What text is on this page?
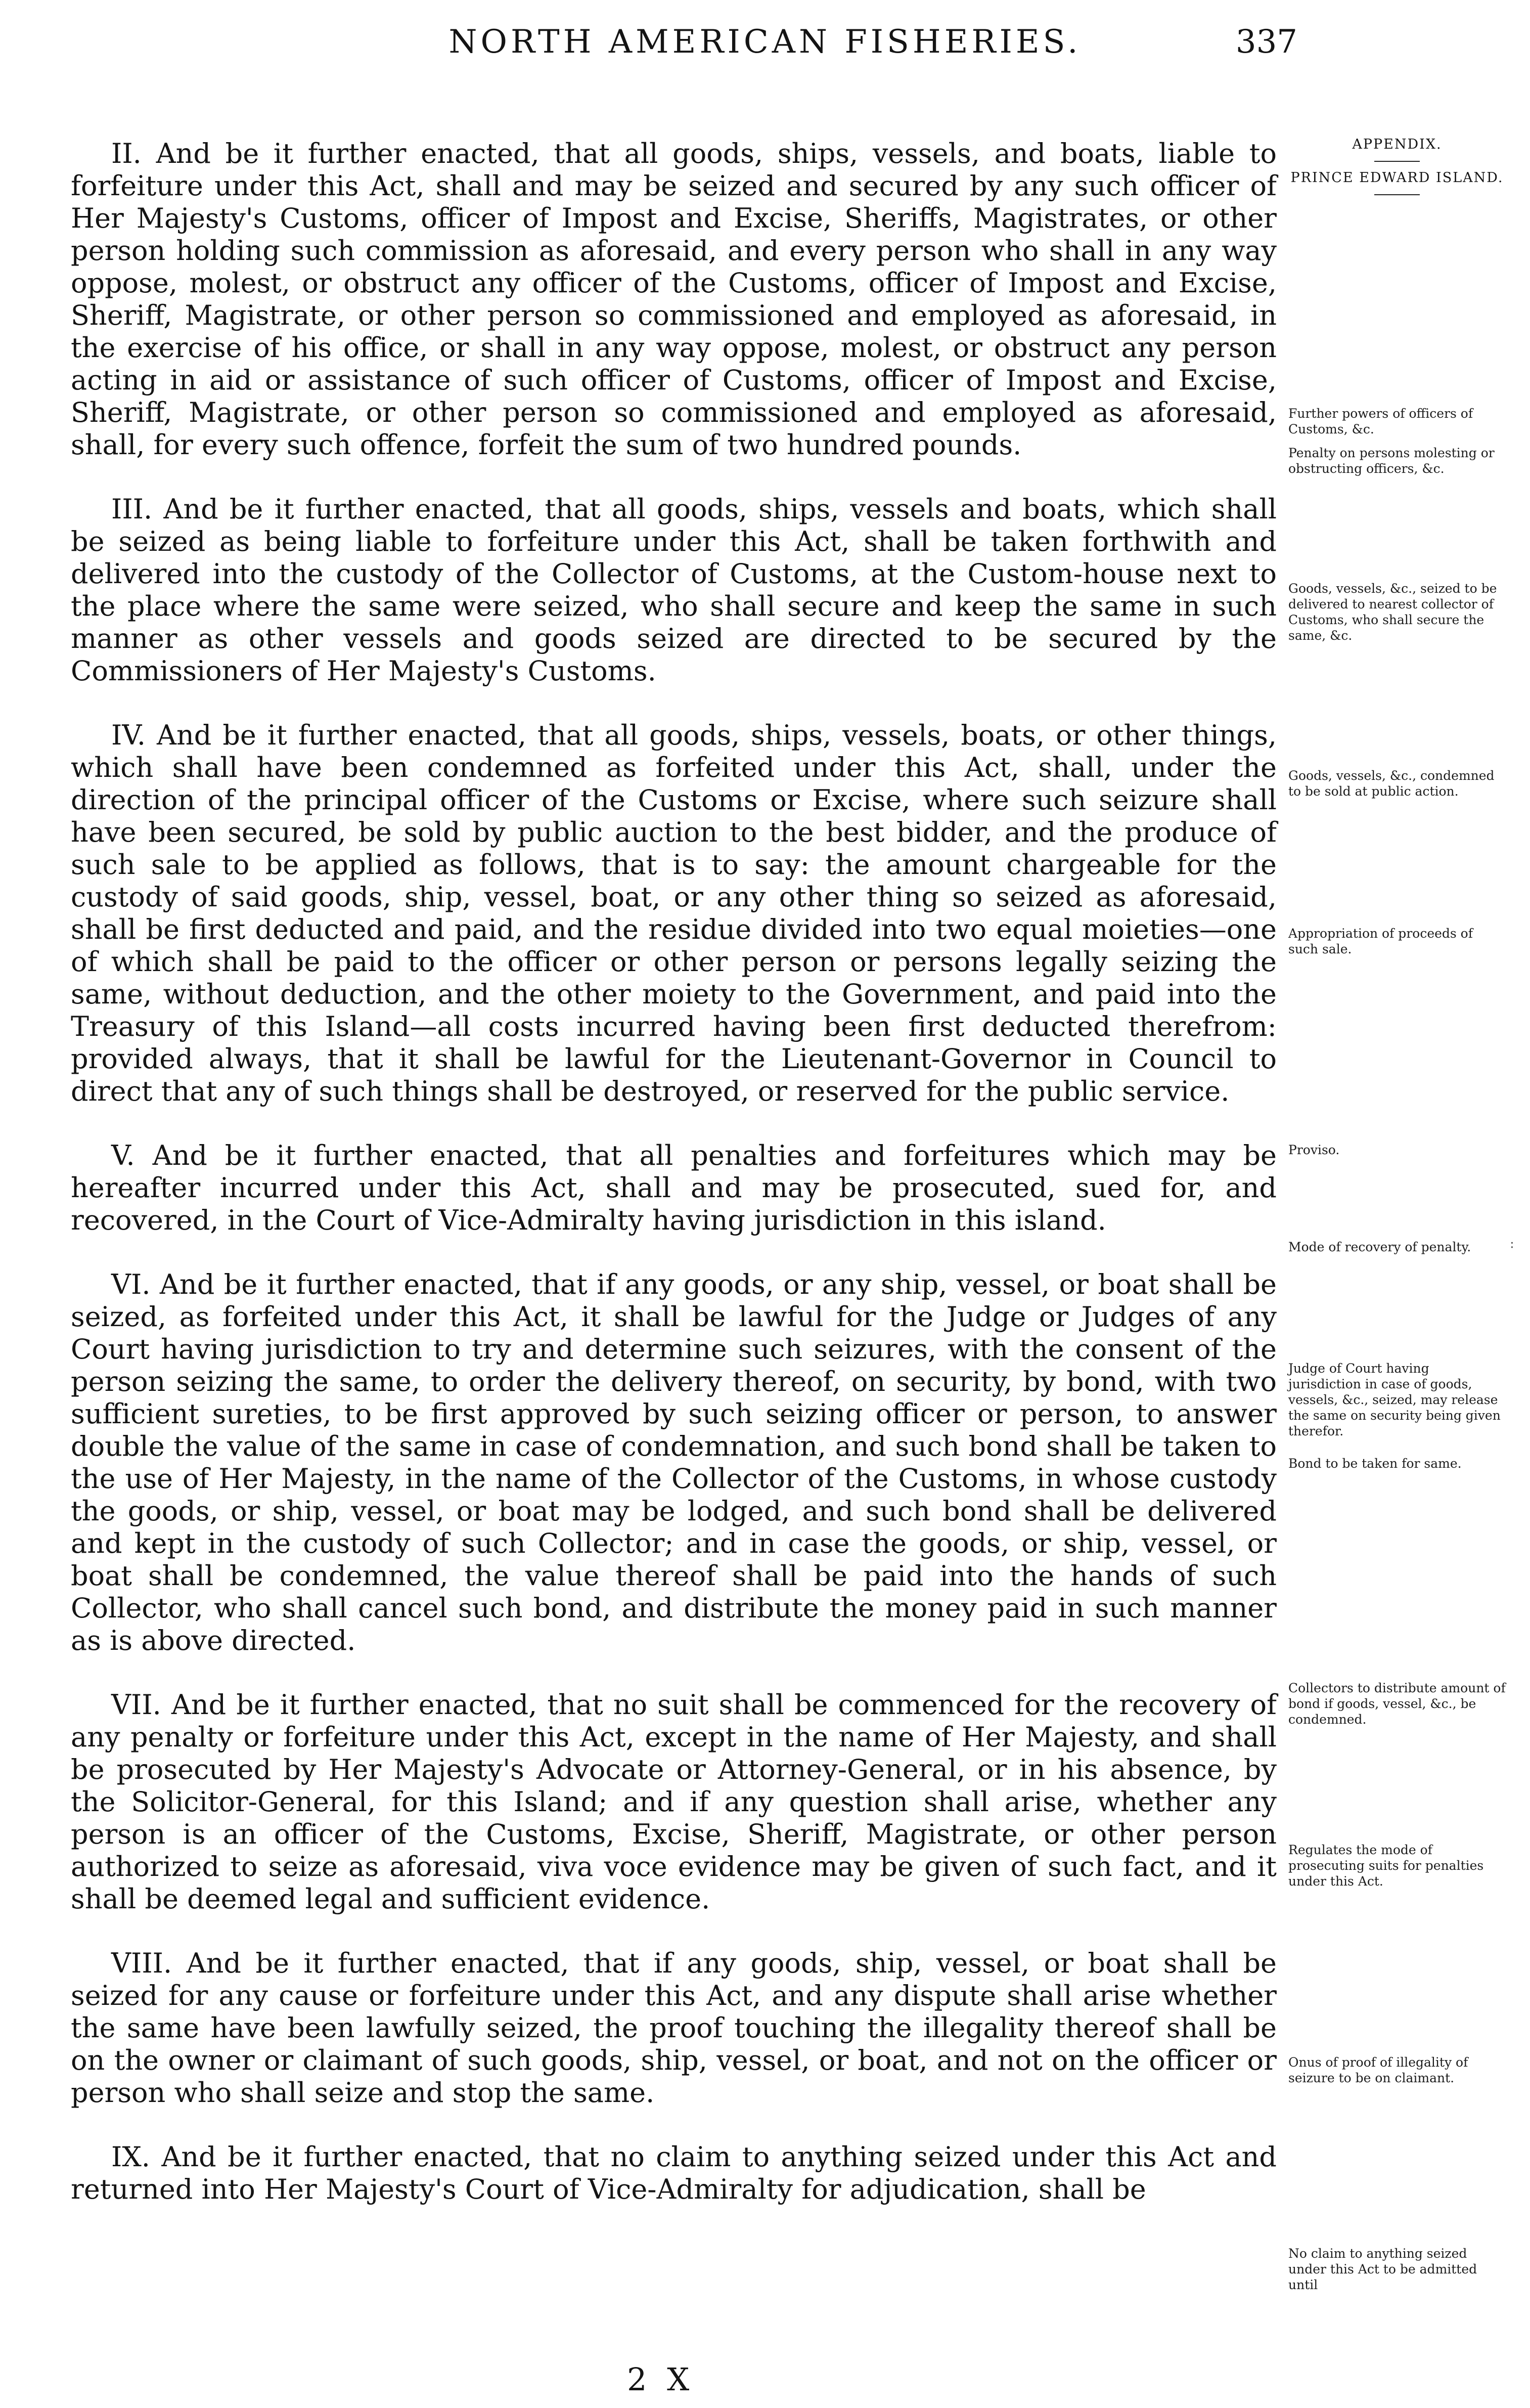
NORTH AMERICAN FISHERIES.	337
APPENDIX.
PRINCE EDWARD ISLAND.

II. And be it further enacted, that all goods, ships, vessels, and boats, liable to forfeiture under this Act, shall and may be seized and secured by any such officer of Her Majesty's Customs, officer of Impost and Excise, Sheriffs, Magistrates, or other person holding such commission as aforesaid, and every person who shall in any way oppose, molest, or obstruct any officer of the Customs, officer of Impost and Excise, Sheriff, Magistrate, or other person so commissioned and employed as aforesaid, in the exercise of his office, or shall in any way oppose, molest, or obstruct any person acting in aid or assistance of such officer of Customs, officer of Impost and Excise, Sheriff, Magistrate, or other person so commissioned and employed as aforesaid, shall, for every such offence, forfeit the sum of two hundred pounds.

III. And be it further enacted, that all goods, ships, vessels and boats, which shall be seized as being liable to forfeiture under this Act, shall be taken forthwith and delivered into the custody of the Collector of Customs, at the Custom-house next to the place where the same were seized, who shall secure and keep the same in such manner as other vessels and goods seized are directed to be secured by the Commissioners of Her Majesty's Customs.

IV. And be it further enacted, that all goods, ships, vessels, boats, or other things, which shall have been condemned as forfeited under this Act, shall, under the direction of the principal officer of the Customs or Excise, where such seizure shall have been secured, be sold by public auction to the best bidder, and the produce of such sale to be applied as follows, that is to say: the amount chargeable for the custody of said goods, ship, vessel, boat, or any other thing so seized as aforesaid, shall be first deducted and paid, and the residue divided into two equal moieties—one of which shall be paid to the officer or other person or persons legally seizing the same, without deduction, and the other moiety to the Government, and paid into the Treasury of this Island—all costs incurred having been first deducted therefrom: provided always, that it shall be lawful for the Lieutenant-Governor in Council to direct that any of such things shall be destroyed, or reserved for the public service.

V. And be it further enacted, that all penalties and forfeitures which may be hereafter incurred under this Act, shall and may be prosecuted, sued for, and recovered, in the Court of Vice-Admiralty having jurisdiction in this island.

VI. And be it further enacted, that if any goods, or any ship, vessel, or boat shall be seized, as forfeited under this Act, it shall be lawful for the Judge or Judges of any Court having jurisdiction to try and determine such seizures, with the consent of the person seizing the same, to order the delivery thereof, on security, by bond, with two sufficient sureties, to be first approved by such seizing officer or person, to answer double the value of the same in case of condemnation, and such bond shall be taken to the use of Her Majesty, in the name of the Collector of the Customs, in whose custody the goods, or ship, vessel, or boat may be lodged, and such bond shall be delivered and kept in the custody of such Collector; and in case the goods, or ship, vessel, or boat shall be condemned, the value thereof shall be paid into the hands of such Collector, who shall cancel such bond, and distribute the money paid in such manner as is above directed.

VII. And be it further enacted, that no suit shall be commenced for the recovery of any penalty or forfeiture under this Act, except in the name of Her Majesty, and shall be prosecuted by Her Majesty's Advocate or Attorney-General, or in his absence, by the Solicitor-General, for this Island; and if any question shall arise, whether any person is an officer of the Customs, Excise, Sheriff, Magistrate, or other person authorized to seize as aforesaid, viva voce evidence may be given of such fact, and it shall be deemed legal and sufficient evidence.

VIII. And be it further enacted, that if any goods, ship, vessel, or boat shall be seized for any cause or forfeiture under this Act, and any dispute shall arise whether the same have been lawfully seized, the proof touching the illegality thereof shall be on the owner or claimant of such goods, ship, vessel, or boat, and not on the officer or person who shall seize and stop the same.

IX. And be it further enacted, that no claim to anything seized under this Act and returned into Her Majesty's Court of Vice-Admiralty for adjudication, shall be

Further powers of officers of Customs, &c.
Penalty on persons molesting or obstructing officers, &c.
Goods, vessels, &c., seized to be delivered to nearest collector of Customs, who shall secure the same, &c.
Goods, vessels, &c., condemned to be sold at public action.
Appropriation of proceeds of such sale.
Proviso.
Mode of recovery of penalty.
Judge of Court having jurisdiction in case of goods, vessels, &c., seized, may release the same on security being given therefor.
Bond to be taken for same.
Collectors to distribute amount of bond if goods, vessel, &c., be condemned.
Regulates the mode of prosecuting suits for penalties under this Act.
Onus of proof of illegality of seizure to be on claimant.
No claim to anything seized under this Act to be admitted until
:
2 X
